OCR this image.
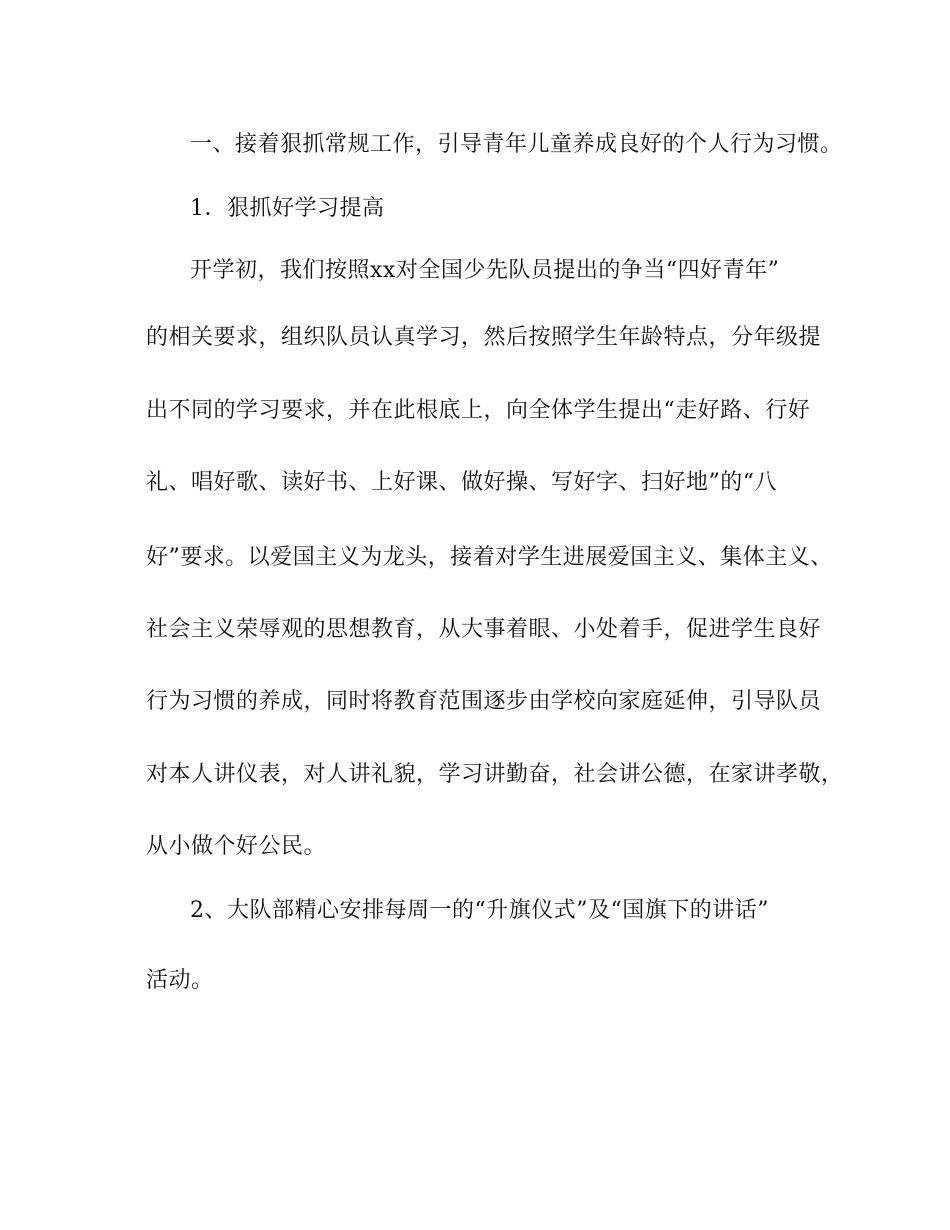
一、接着狠抓常规工作，引导青年儿童养成良好的个人行为习惯。
1．狠抓好学习提高
开学初，我们按照xx对全国少先队员提出的争当“四好青年”
的相关要求，组织队员认真学习，然后按照学生年龄特点，分年级提
出不同的学习要求，并在此根底上，向全体学生提出“走好路、行好
礼、唱好歌、读好书、上好课、做好操、写好字、扫好地”的“八
好”要求。以爱国主义为龙头，接着对学生进展爱国主义、集体主义、
社会主义荣辱观的思想教育，从大事着眼、小处着手，促进学生良好
行为习惯的养成，同时将教育范围逐步由学校向家庭延伸，引导队员
对本人讲仪表，对人讲礼貌，学习讲勤奋，社会讲公德，在家讲孝敬，
从小做个好公民。
2、大队部精心安排每周一的“升旗仪式”及“国旗下的讲话”
活动。
